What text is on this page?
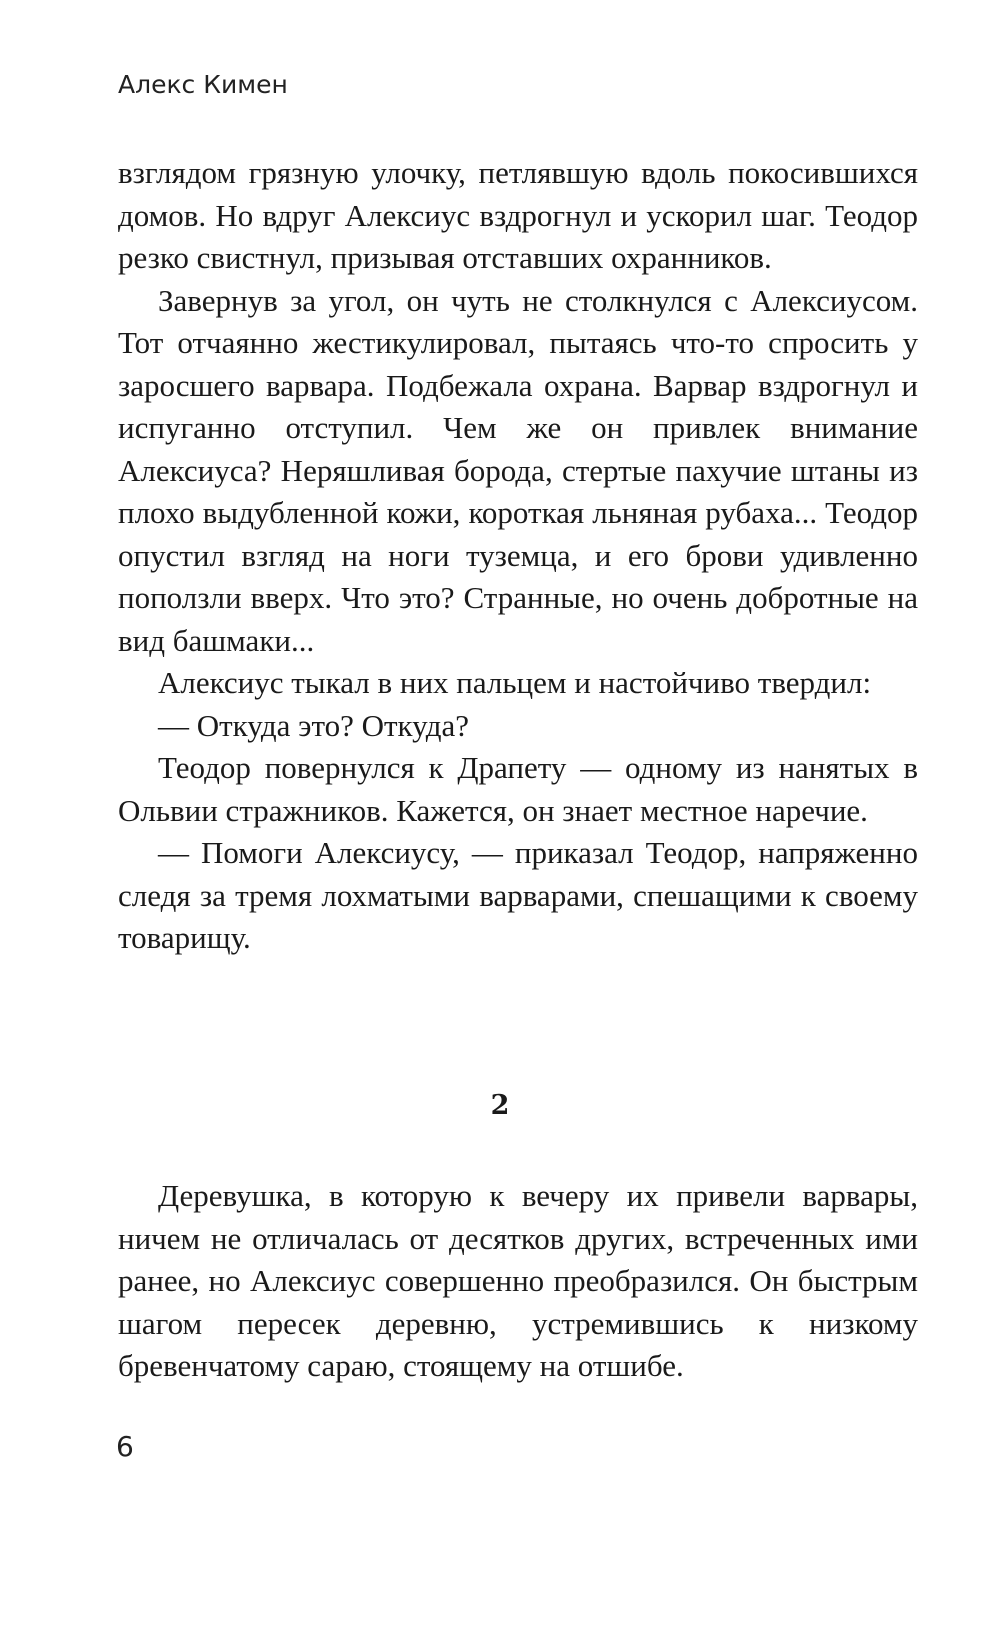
Алекс Кимен

взглядом грязную улочку, петлявшую вдоль покосившихся домов. Но вдруг Алексиус вздрогнул и ускорил шаг. Теодор резко свистнул, призывая отставших охранников.

Завернув за угол, он чуть не столкнулся с Алексиусом. Тот отчаянно жестикулировал, пытаясь что-то спросить у заросшего варвара. Подбежала охрана. Варвар вздрогнул и испуганно отступил. Чем же он привлек внимание Алексиуса? Неряшливая борода, стертые пахучие штаны из плохо выдубленной кожи, короткая льняная рубаха... Теодор опустил взгляд на ноги туземца, и его брови удивленно поползли вверх. Что это? Странные, но очень добротные на вид башмаки...

Алексиус тыкал в них пальцем и настойчиво твердил:

— Откуда это? Откуда?

Теодор повернулся к Драпету — одному из нанятых в Ольвии стражников. Кажется, он знает местное наречие.

— Помоги Алексиусу, — приказал Теодор, напряженно следя за тремя лохматыми варварами, спешащими к своему товарищу.

2

Деревушка, в которую к вечеру их привели варвары, ничем не отличалась от десятков других, встреченных ими ранее, но Алексиус совершенно преобразился. Он быстрым шагом пересек деревню, устремившись к низкому бревенчатому сараю, стоящему на отшибе.

6
